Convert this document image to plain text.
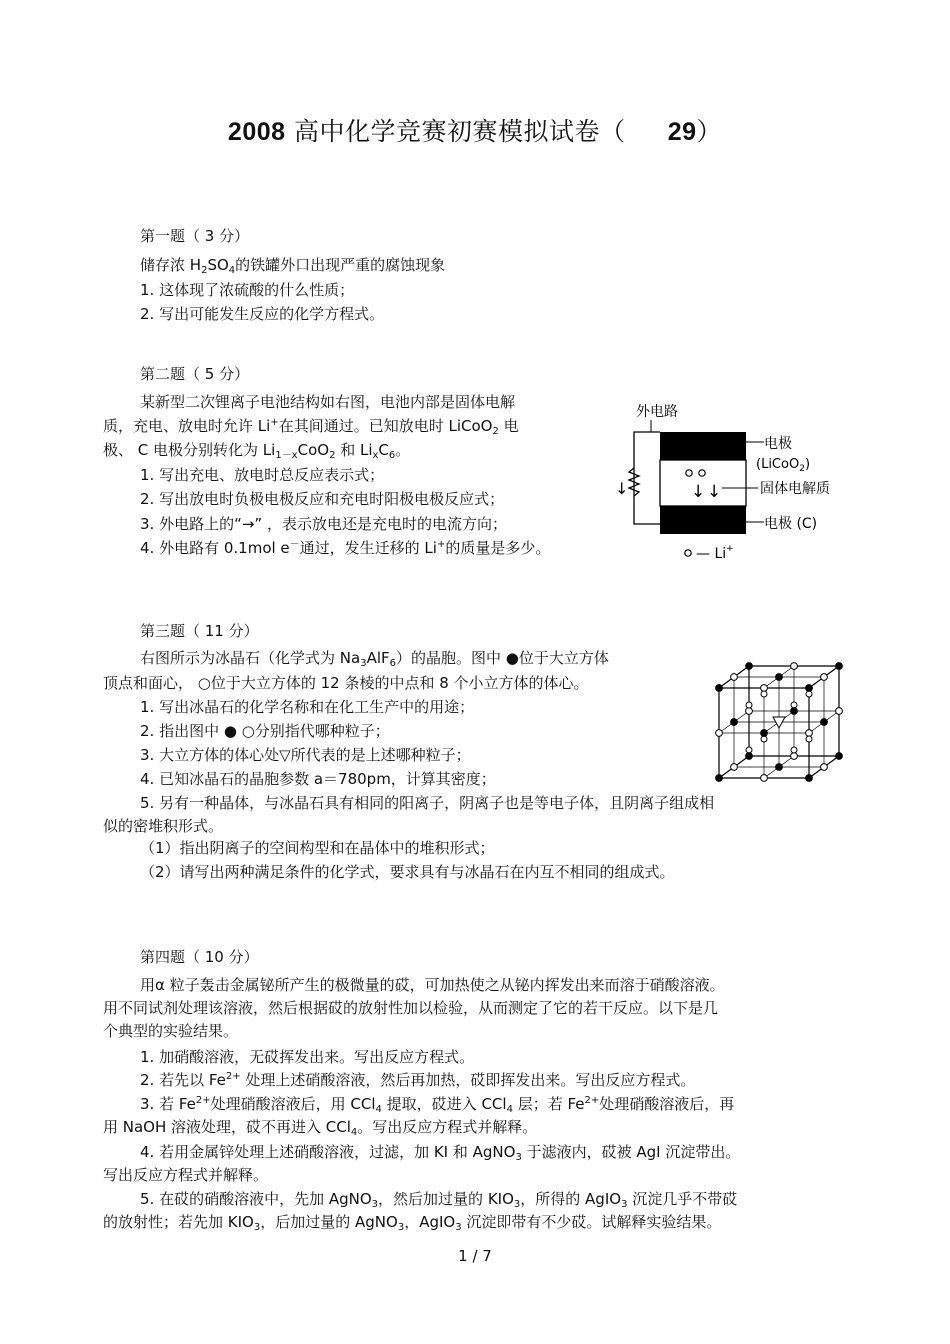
2008 高中化学竞赛初赛模拟试卷（ 29）
第一题（ 3 分）
储存浓 $H_2SO_4$的铁罐外口出现严重的腐蚀现象
1. 这体现了浓硫酸的什么性质；
2. 写出可能发生反应的化学方程式。
第二题（ 5 分）
某新型二次锂离子电池结构如右图，电池内部是固体电解
质，充电、放电时允许 Li+在其间通过。已知放电时 LiCoO$_2$ 电
极、 C 电极分别转化为 $Li_{1-x}CoO_2$ 和 $Li_xC_6$。
1. 写出充电、放电时总反应表示式；
2. 写出放电时负极电极反应和充电时阳极电极反应式；
3. 外电路上的“→” ，表示放电还是充电时的电流方向；
4. 外电路有 0.1mol e－通过，发生迁移的 Li+的质量是多少。
外电路
↓	↓ ↓
电极
(LiCoO$_2$)
固体电解质
电极 (C)
— Li+
第三题（ 11 分）
右图所示为冰晶石（化学式为 $Na_3AlF_6$）的晶胞。图中 ●位于大立方体
顶点和面心， ○位于大立方体的 12 条棱的中点和 8 个小立方体的体心。
1. 写出冰晶石的化学名称和在化工生产中的用途；
2. 指出图中 ● ○分别指代哪种粒子；
3. 大立方体的体心处▽所代表的是上述哪种粒子；
4. 已知冰晶石的晶胞参数 a＝780pm，计算其密度；
5. 另有一种晶体，与冰晶石具有相同的阳离子，阴离子也是等电子体，且阴离子组成相
似的密堆积形式。
（1）指出阴离子的空间构型和在晶体中的堆积形式；
（2）请写出两种满足条件的化学式，要求具有与冰晶石在内互不相同的组成式。
第四题（ 10 分）
用α 粒子轰击金属铋所产生的极微量的砹，可加热使之从铋内挥发出来而溶于硝酸溶液。
用不同试剂处理该溶液，然后根据砹的放射性加以检验，从而测定了它的若干反应。以下是几
个典型的实验结果。
1. 加硝酸溶液，无砹挥发出来。写出反应方程式。
2. 若先以 $Fe^{2+}$ 处理上述硝酸溶液，然后再加热，砹即挥发出来。写出反应方程式。
3. 若 $Fe^{2+}$处理硝酸溶液后，用 CCl$_4$ 提取，砹进入 CCl$_4$ 层；若 $Fe^{2+}$处理硝酸溶液后，再
用 NaOH 溶液处理，砹不再进入 CCl$_4$。写出反应方程式并解释。
4. 若用金属锌处理上述硝酸溶液，过滤，加 KI 和 AgNO$_3$ 于滤液内，砹被 AgI 沉淀带出。
写出反应方程式并解释。
5. 在砹的硝酸溶液中，先加 AgNO$_3$，然后加过量的 $KIO_3$，所得的 AgIO$_3$ 沉淀几乎不带砹
的放射性；若先加 $KIO_3$，后加过量的 AgNO$_3$，AgIO$_3$ 沉淀即带有不少砹。试解释实验结果。
1 / 7
